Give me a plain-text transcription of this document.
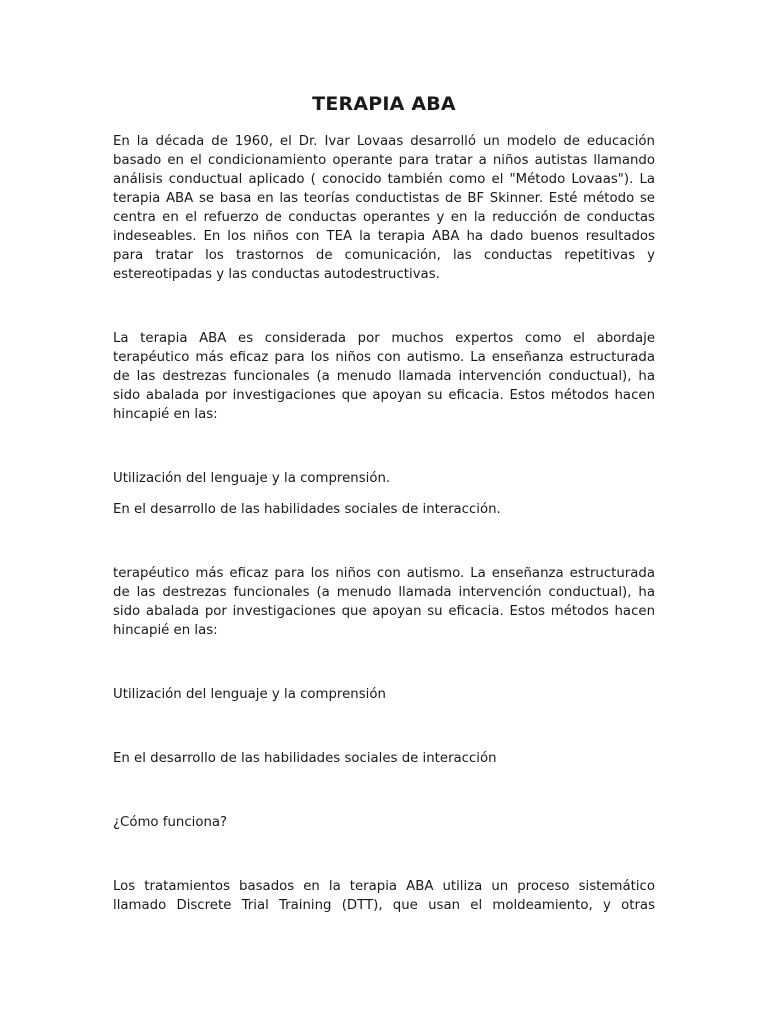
TERAPIA ABA

En la década de 1960, el Dr. Ivar Lovaas desarrolló un modelo de educación basado en el condicionamiento operante para tratar a niños autistas llamando análisis conductual aplicado ( conocido también como el "Método Lovaas"). La terapia ABA se basa en las teorías conductistas de BF Skinner. Esté método se centra en el refuerzo de conductas operantes y en la reducción de conductas indeseables. En los niños con TEA la terapia ABA ha dado buenos resultados para tratar los trastornos de comunicación, las conductas repetitivas y estereotipadas y las conductas autodestructivas.

La terapia ABA es considerada por muchos expertos como el abordaje terapéutico más eficaz para los niños con autismo. La enseñanza estructurada de las destrezas funcionales (a menudo llamada intervención conductual), ha sido abalada por investigaciones que apoyan su eficacia. Estos métodos hacen hincapié en las:

Utilización del lenguaje y la comprensión.

En el desarrollo de las habilidades sociales de interacción.

terapéutico más eficaz para los niños con autismo. La enseñanza estructurada de las destrezas funcionales (a menudo llamada intervención conductual), ha sido abalada por investigaciones que apoyan su eficacia. Estos métodos hacen hincapié en las:

Utilización del lenguaje y la comprensión

En el desarrollo de las habilidades sociales de interacción

¿Cómo funciona?

Los tratamientos basados en la terapia ABA utiliza un proceso sistemático llamado Discrete Trial Training (DTT), que usan el moldeamiento, y otras
